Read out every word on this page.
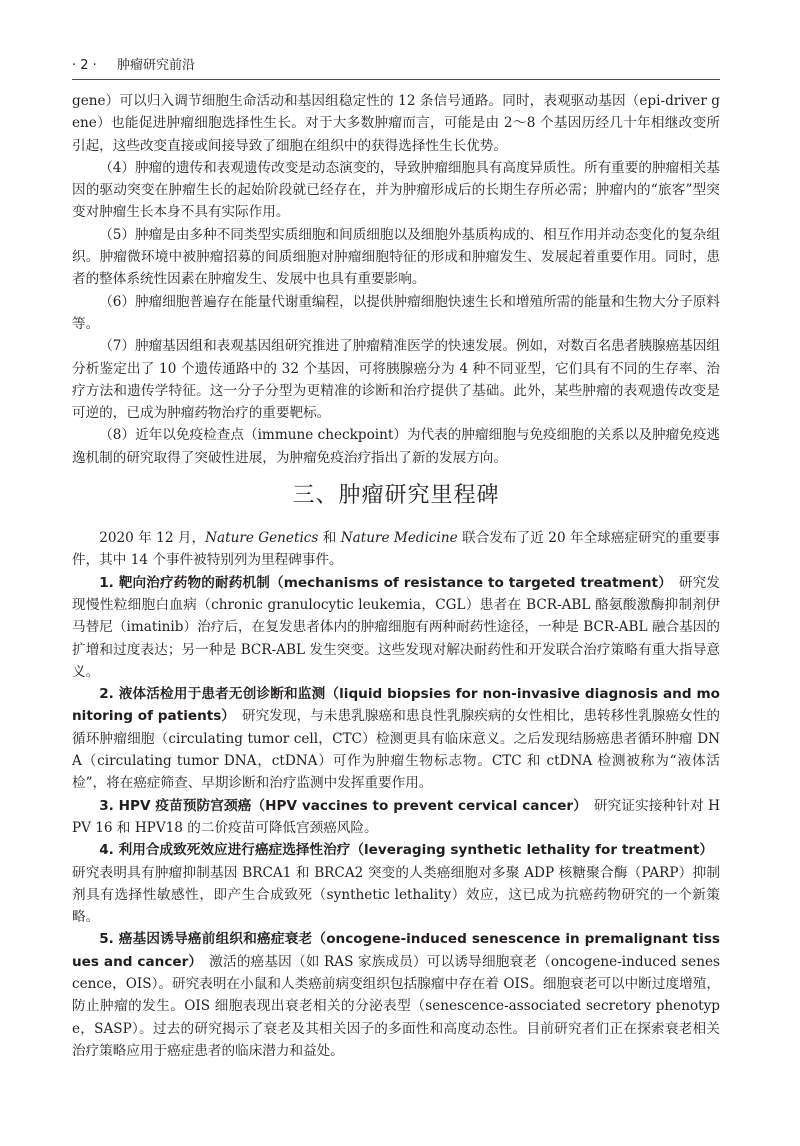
· 2 · 肿瘤研究前沿

gene）可以归入调节细胞生命活动和基因组稳定性的 12 条信号通路。同时，表观驱动基因（epi-driver gene）也能促进肿瘤细胞选择性生长。对于大多数肿瘤而言，可能是由 2～8 个基因历经几十年相继改变所引起，这些改变直接或间接导致了细胞在组织中的获得选择性生长优势。

（4）肿瘤的遗传和表观遗传改变是动态演变的，导致肿瘤细胞具有高度异质性。所有重要的肿瘤相关基因的驱动突变在肿瘤生长的起始阶段就已经存在，并为肿瘤形成后的长期生存所必需；肿瘤内的“旅客”型突变对肿瘤生长本身不具有实际作用。

（5）肿瘤是由多种不同类型实质细胞和间质细胞以及细胞外基质构成的、相互作用并动态变化的复杂组织。肿瘤微环境中被肿瘤招募的间质细胞对肿瘤细胞特征的形成和肿瘤发生、发展起着重要作用。同时，患者的整体系统性因素在肿瘤发生、发展中也具有重要影响。

（6）肿瘤细胞普遍存在能量代谢重编程，以提供肿瘤细胞快速生长和增殖所需的能量和生物大分子原料等。

（7）肿瘤基因组和表观基因组研究推进了肿瘤精准医学的快速发展。例如，对数百名患者胰腺癌基因组分析鉴定出了 10 个遗传通路中的 32 个基因，可将胰腺癌分为 4 种不同亚型，它们具有不同的生存率、治疗方法和遗传学特征。这一分子分型为更精准的诊断和治疗提供了基础。此外，某些肿瘤的表观遗传改变是可逆的，已成为肿瘤药物治疗的重要靶标。

（8）近年以免疫检查点（immune checkpoint）为代表的肿瘤细胞与免疫细胞的关系以及肿瘤免疫逃逸机制的研究取得了突破性进展，为肿瘤免疫治疗指出了新的发展方向。

三、肿瘤研究里程碑

2020 年 12 月，Nature Genetics 和 Nature Medicine 联合发布了近 20 年全球癌症研究的重要事件，其中 14 个事件被特别列为里程碑事件。

1. 靶向治疗药物的耐药机制（mechanisms of resistance to targeted treatment）　研究发现慢性粒细胞白血病（chronic granulocytic leukemia，CGL）患者在 BCR-ABL 酪氨酸激酶抑制剂伊马替尼（imatinib）治疗后，在复发患者体内的肿瘤细胞有两种耐药性途径，一种是 BCR-ABL 融合基因的扩增和过度表达；另一种是 BCR-ABL 发生突变。这些发现对解决耐药性和开发联合治疗策略有重大指导意义。

2. 液体活检用于患者无创诊断和监测（liquid biopsies for non-invasive diagnosis and monitoring of patients）　研究发现，与未患乳腺癌和患良性乳腺疾病的女性相比，患转移性乳腺癌女性的循环肿瘤细胞（circulating tumor cell，CTC）检测更具有临床意义。之后发现结肠癌患者循环肿瘤 DNA（circulating tumor DNA，ctDNA）可作为肿瘤生物标志物。CTC 和 ctDNA 检测被称为“液体活检”，将在癌症筛查、早期诊断和治疗监测中发挥重要作用。

3. HPV 疫苗预防宫颈癌（HPV vaccines to prevent cervical cancer）　研究证实接种针对 HPV 16 和 HPV18 的二价疫苗可降低宫颈癌风险。

4. 利用合成致死效应进行癌症选择性治疗（leveraging synthetic lethality for treatment）　研究表明具有肿瘤抑制基因 BRCA1 和 BRCA2 突变的人类癌细胞对多聚 ADP 核糖聚合酶（PARP）抑制剂具有选择性敏感性，即产生合成致死（synthetic lethality）效应，这已成为抗癌药物研究的一个新策略。

5. 癌基因诱导癌前组织和癌症衰老（oncogene-induced senescence in premalignant tissues and cancer）　激活的癌基因（如 RAS 家族成员）可以诱导细胞衰老（oncogene-induced senescence，OIS）。研究表明在小鼠和人类癌前病变组织包括腺瘤中存在着 OIS。细胞衰老可以中断过度增殖，防止肿瘤的发生。OIS 细胞表现出衰老相关的分泌表型（senescence-associated secretory phenotype，SASP）。过去的研究揭示了衰老及其相关因子的多面性和高度动态性。目前研究者们正在探索衰老相关治疗策略应用于癌症患者的临床潜力和益处。
